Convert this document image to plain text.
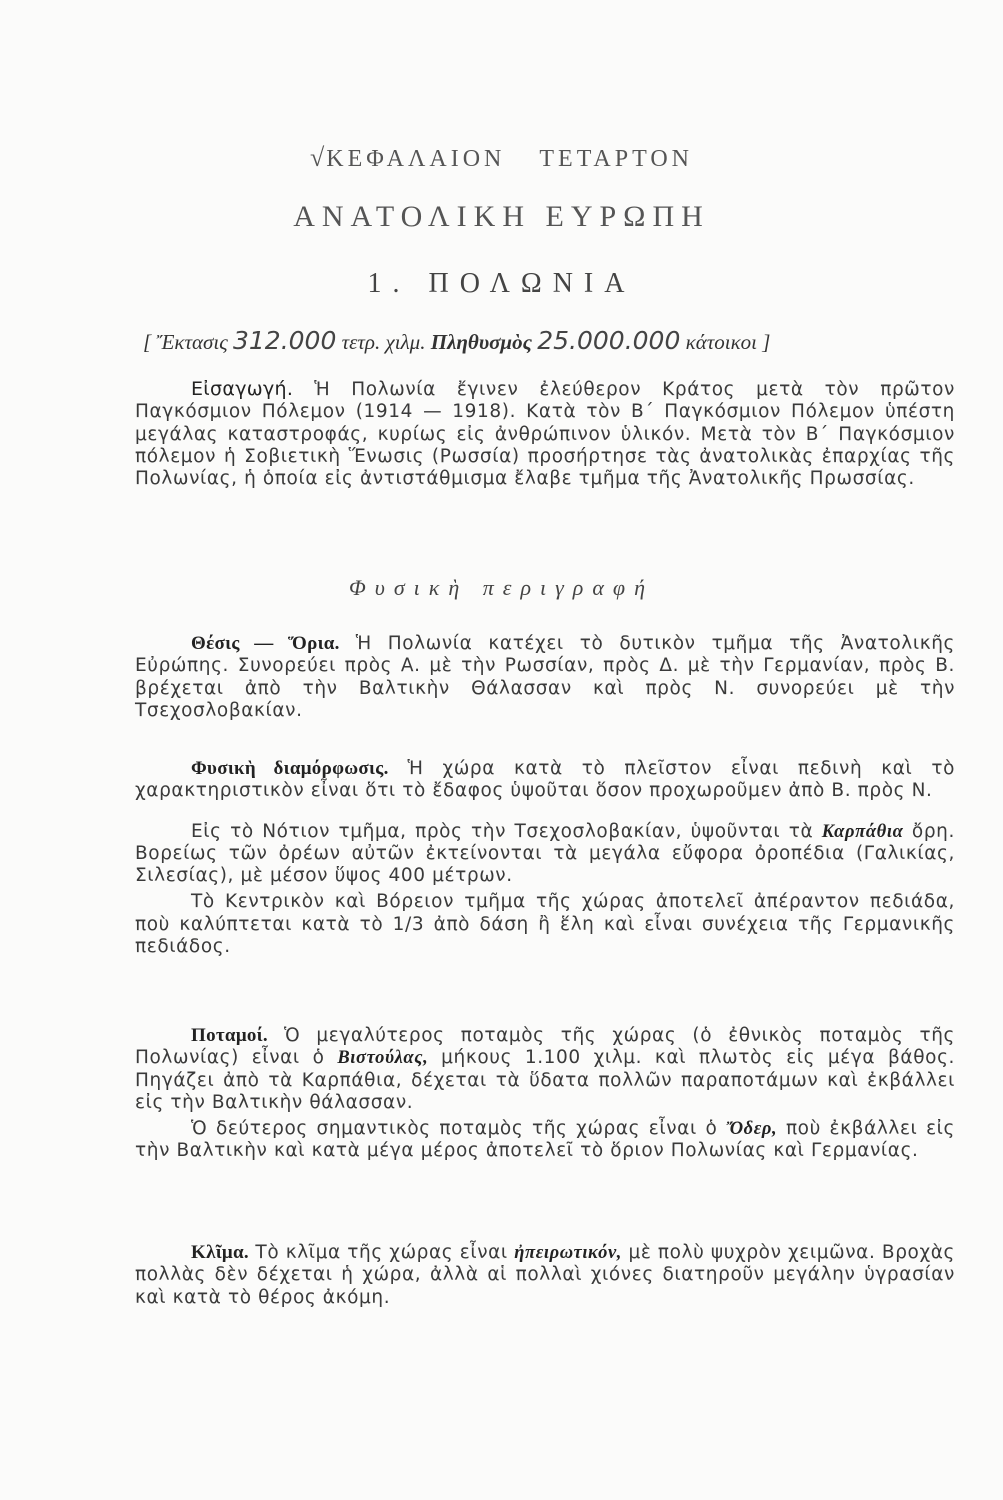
√ΚΕΦΑΛΑΙΟΝ ΤΕΤΑΡΤΟΝ
ΑΝΑΤΟΛΙΚΗ ΕΥΡΩΠΗ
1. ΠΟΛΩΝΙΑ
[ Ἔκτασις 312.000 τετρ. χιλμ. Πληθυσμὸς 25.000.000 κάτοικοι ]

Εἰσαγωγή. Ἡ Πολωνία ἔγινεν ἐλεύθερον Κράτος μετὰ τὸν πρῶτον Παγκόσμιον Πόλεμον (1914 — 1918). Κατὰ τὸν Β΄ Παγκόσμιον Πόλεμον ὑπέστη μεγάλας καταστροφάς, κυρίως εἰς ἀνθρώπινον ὑλικόν. Μετὰ τὸν Β΄ Παγκόσμιον πόλεμον ἡ Σοβιετικὴ Ἕνωσις (Ρωσσία) προσήρτησε τὰς ἀνατολικὰς ἐπαρχίας τῆς Πολωνίας, ἡ ὁποία εἰς ἀντιστάθμισμα ἔλαβε τμῆμα τῆς Ἀνατολικῆς Πρωσσίας.

Φυσικὴ περιγραφή

Θέσις — Ὅρια. Ἡ Πολωνία κατέχει τὸ δυτικὸν τμῆμα τῆς Ἀνατολικῆς Εὐρώπης. Συνορεύει πρὸς Α. μὲ τὴν Ρωσσίαν, πρὸς Δ. μὲ τὴν Γερμανίαν, πρὸς Β. βρέχεται ἀπὸ τὴν Βαλτικὴν Θάλασσαν καὶ πρὸς Ν. συνορεύει μὲ τὴν Τσεχοσλοβακίαν.

Φυσικὴ διαμόρφωσις. Ἡ χώρα κατὰ τὸ πλεῖστον εἶναι πεδινὴ καὶ τὸ χαρακτηριστικὸν εἶναι ὅτι τὸ ἔδαφος ὑψοῦται ὅσον προχωροῦμεν ἀπὸ Β. πρὸς Ν.

Εἰς τὸ Νότιον τμῆμα, πρὸς τὴν Τσεχοσλοβακίαν, ὑψοῦνται τὰ Καρπάθια ὄρη. Βορείως τῶν ὀρέων αὐτῶν ἐκτείνονται τὰ μεγάλα εὔφορα ὀροπέδια (Γαλικίας, Σιλεσίας), μὲ μέσον ὕψος 400 μέτρων.

Τὸ Κεντρικὸν καὶ Βόρειον τμῆμα τῆς χώρας ἀποτελεῖ ἀπέραντον πεδιάδα, ποὺ καλύπτεται κατὰ τὸ 1/3 ἀπὸ δάση ἢ ἕλη καὶ εἶναι συνέχεια τῆς Γερμανικῆς πεδιάδος.

Ποταμοί. Ὁ μεγαλύτερος ποταμὸς τῆς χώρας (ὁ ἐθνικὸς ποταμὸς τῆς Πολωνίας) εἶναι ὁ Βιστούλας, μήκους 1.100 χιλμ. καὶ πλωτὸς εἰς μέγα βάθος. Πηγάζει ἀπὸ τὰ Καρπάθια, δέχεται τὰ ὕδατα πολλῶν παραποτάμων καὶ ἐκβάλλει εἰς τὴν Βαλτικὴν θάλασσαν.

Ὁ δεύτερος σημαντικὸς ποταμὸς τῆς χώρας εἶναι ὁ Ὄδερ, ποὺ ἐκβάλλει εἰς τὴν Βαλτικὴν καὶ κατὰ μέγα μέρος ἀποτελεῖ τὸ ὅριον Πολωνίας καὶ Γερμανίας.

Κλῖμα. Τὸ κλῖμα τῆς χώρας εἶναι ἠπειρωτικόν, μὲ πολὺ ψυχρὸν χειμῶνα. Βροχὰς πολλὰς δὲν δέχεται ἡ χώρα, ἀλλὰ αἱ πολλαὶ χιόνες διατηροῦν μεγάλην ὑγρασίαν καὶ κατὰ τὸ θέρος ἀκόμη.
